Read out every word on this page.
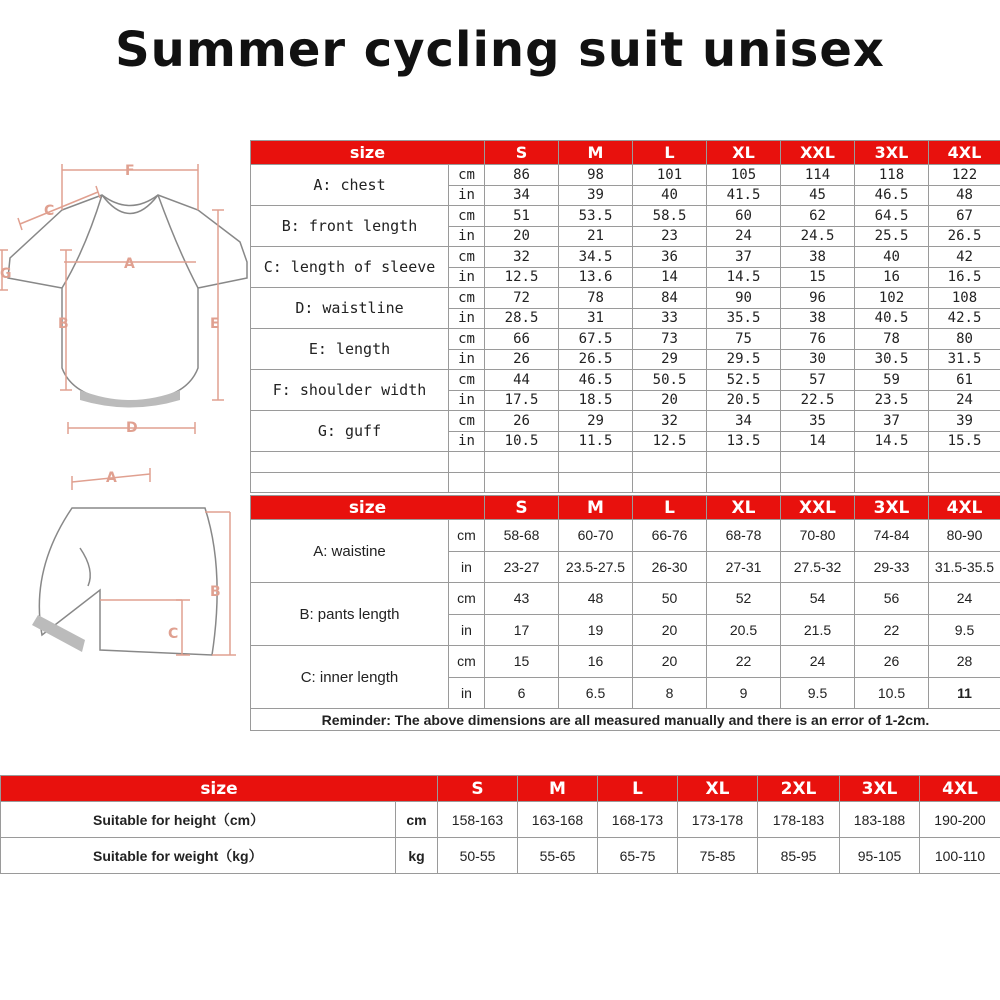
Summer cycling suit unisex
F
C
A
G
B	E
D
A
B
C
size		S	M	L	XL	XXL	3XL	4XL
A: chest	cm	86	98	101	105	114	118	122
	in	34	39	40	41.5	45	46.5	48
B: front length	cm	51	53.5	58.5	60	62	64.5	67
	in	20	21	23	24	24.5	25.5	26.5
C: length of sleeve	cm	32	34.5	36	37	38	40	42
	in	12.5	13.6	14	14.5	15	16	16.5
D: waistline	cm	72	78	84	90	96	102	108
	in	28.5	31	33	35.5	38	40.5	42.5
E: length	cm	66	67.5	73	75	76	78	80
	in	26	26.5	29	29.5	30	30.5	31.5
F: shoulder width	cm	44	46.5	50.5	52.5	57	59	61
	in	17.5	18.5	20	20.5	22.5	23.5	24
G: guff	cm	26	29	32	34	35	37	39
	in	10.5	11.5	12.5	13.5	14	14.5	15.5

size		S	M	L	XL	XXL	3XL	4XL
A: waistine	cm	58-68	60-70	66-76	68-78	70-80	74-84	80-90
	in	23-27	23.5-27.5	26-30	27-31	27.5-32	29-33	31.5-35.5
B: pants length	cm	43	48	50	52	54	56	24
	in	17	19	20	20.5	21.5	22	9.5
C: inner length	cm	15	16	20	22	24	26	28
	in	6	6.5	8	9	9.5	10.5	11
Reminder: The above dimensions are all measured manually and there is an error of 1-2cm.								
size		S	M	L	XL	2XL	3XL	4XL
Suitable for height（cm）	cm	158-163	163-168	168-173	173-178	178-183	183-188	190-200
Suitable for weight（kg）	kg	50-55	55-65	65-75	75-85	85-95	95-105	100-110
